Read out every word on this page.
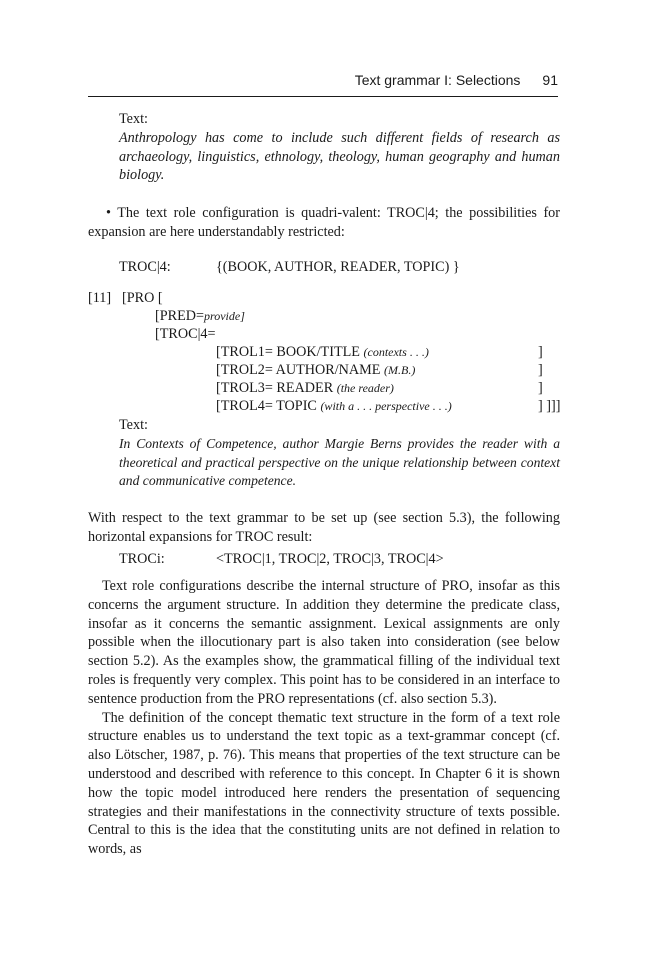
Text grammar I: Selections 91
Text:
Anthropology has come to include such different fields of research as archaeology, linguistics, ethnology, theology, human geography and human biology.
• The text role configuration is quadri-valent: TROC|4; the possibilities for expansion are here understandably restricted:
TROC|4:	{(BOOK, AUTHOR, READER, TOPIC) }
[11] [PRO [
[PRED=provide]
[TROC|4=
[TROL1= BOOK/TITLE (contexts . . .)	]
[TROL2= AUTHOR/NAME (M.B.)	]
[TROL3= READER (the reader)	]
[TROL4= TOPIC (with a . . . perspective . . .)	] ]]]
Text:
In Contexts of Competence, author Margie Berns provides the reader with a theoretical and practical perspective on the unique relationship between context and communicative competence.
With respect to the text grammar to be set up (see section 5.3), the following horizontal expansions for TROC result:
TROCi:	<TROC|1, TROC|2, TROC|3, TROC|4>

Text role configurations describe the internal structure of PRO, insofar as this concerns the argument structure. In addition they determine the predicate class, insofar as it concerns the semantic assignment. Lexical assignments are only possible when the illocutionary part is also taken into consideration (see below section 5.2). As the examples show, the grammatical filling of the individual text roles is frequently very complex. This point has to be considered in an interface to sentence production from the PRO representations (cf. also section 5.3).

The definition of the concept thematic text structure in the form of a text role structure enables us to understand the text topic as a text-grammar concept (cf. also Lötscher, 1987, p. 76). This means that properties of the text structure can be understood and described with reference to this concept. In Chapter 6 it is shown how the topic model introduced here renders the presentation of sequencing strategies and their manifestations in the connectivity structure of texts possible. Central to this is the idea that the constituting units are not defined in relation to words, as
